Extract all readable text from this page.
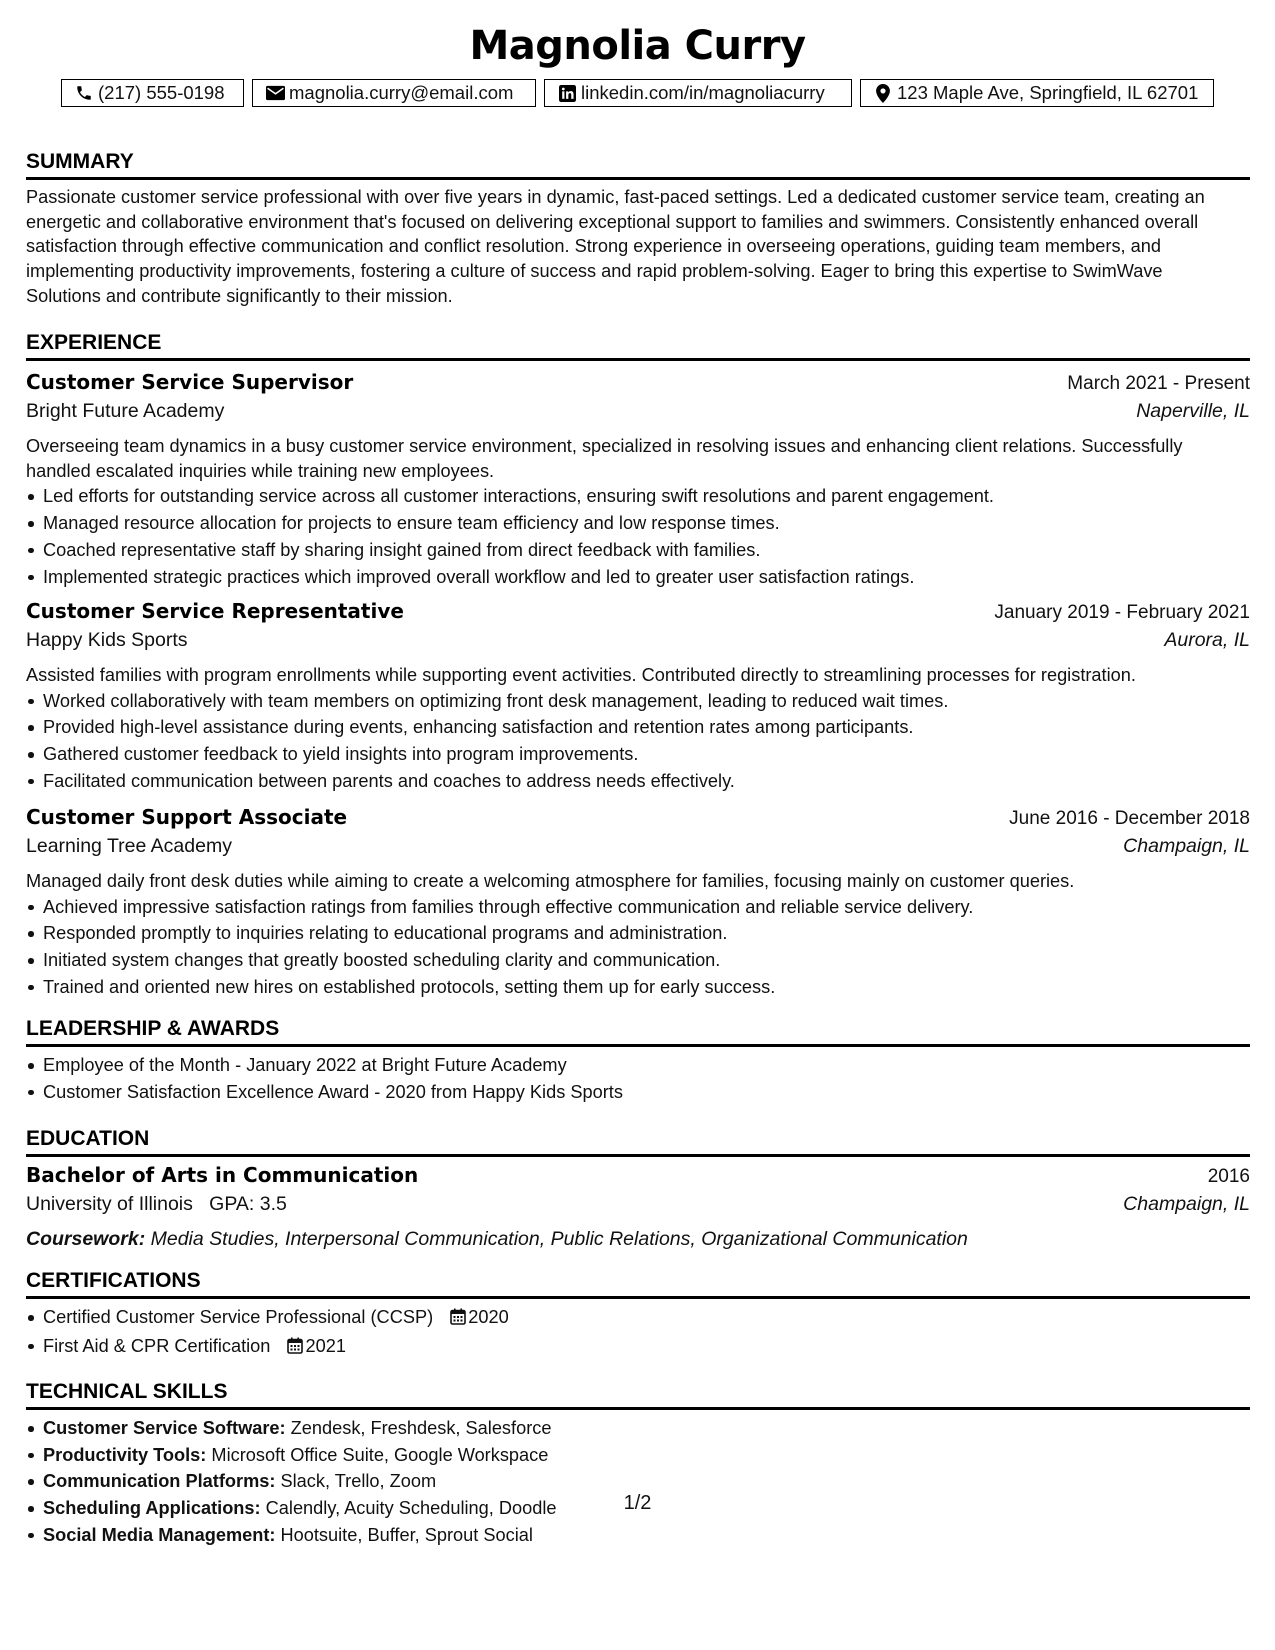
Magnolia Curry
(217) 555-0198	magnolia.curry@email.com	linkedin.com/in/magnoliacurry	123 Maple Ave, Springfield, IL 62701
SUMMARY
Passionate customer service professional with over five years in dynamic, fast-paced settings. Led a dedicated customer service team, creating an
energetic and collaborative environment that's focused on delivering exceptional support to families and swimmers. Consistently enhanced overall
satisfaction through effective communication and conflict resolution. Strong experience in overseeing operations, guiding team members, and
implementing productivity improvements, fostering a culture of success and rapid problem-solving. Eager to bring this expertise to SwimWave
Solutions and contribute significantly to their mission.
EXPERIENCE
Customer Service Supervisor	March 2021 - Present
Bright Future Academy	Naperville, IL
Overseeing team dynamics in a busy customer service environment, specialized in resolving issues and enhancing client relations. Successfully
handled escalated inquiries while training new employees.
Led efforts for outstanding service across all customer interactions, ensuring swift resolutions and parent engagement.
Managed resource allocation for projects to ensure team efficiency and low response times.
Coached representative staff by sharing insight gained from direct feedback with families.
Implemented strategic practices which improved overall workflow and led to greater user satisfaction ratings.
Customer Service Representative	January 2019 - February 2021
Happy Kids Sports	Aurora, IL
Assisted families with program enrollments while supporting event activities. Contributed directly to streamlining processes for registration.
Worked collaboratively with team members on optimizing front desk management, leading to reduced wait times.
Provided high-level assistance during events, enhancing satisfaction and retention rates among participants.
Gathered customer feedback to yield insights into program improvements.
Facilitated communication between parents and coaches to address needs effectively.
Customer Support Associate	June 2016 - December 2018
Learning Tree Academy	Champaign, IL
Managed daily front desk duties while aiming to create a welcoming atmosphere for families, focusing mainly on customer queries.
Achieved impressive satisfaction ratings from families through effective communication and reliable service delivery.
Responded promptly to inquiries relating to educational programs and administration.
Initiated system changes that greatly boosted scheduling clarity and communication.
Trained and oriented new hires on established protocols, setting them up for early success.
LEADERSHIP & AWARDS
Employee of the Month - January 2022 at Bright Future Academy
Customer Satisfaction Excellence Award - 2020 from Happy Kids Sports
EDUCATION
Bachelor of Arts in Communication	2016
University of Illinois GPA: 3.5	Champaign, IL
Coursework: Media Studies, Interpersonal Communication, Public Relations, Organizational Communication
CERTIFICATIONS
Certified Customer Service Professional (CCSP) 2020
First Aid & CPR Certification 2021
TECHNICAL SKILLS
Customer Service Software: Zendesk, Freshdesk, Salesforce
Productivity Tools: Microsoft Office Suite, Google Workspace
Communication Platforms: Slack, Trello, Zoom
Scheduling Applications: Calendly, Acuity Scheduling, Doodle
Social Media Management: Hootsuite, Buffer, Sprout Social
1/2
